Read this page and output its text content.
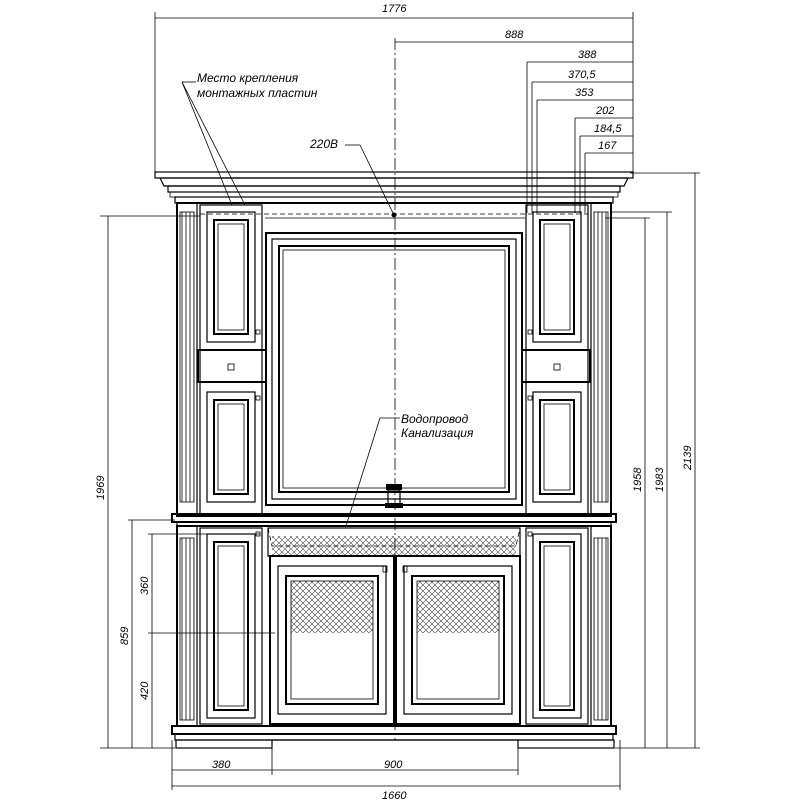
1776
888
388
370,5
353
202
184,5
167
1969
859
360
420
1958 1983
2139
380	900
1660
Место крепления
монтажных пластин
220В
Водопровод
Канализация
